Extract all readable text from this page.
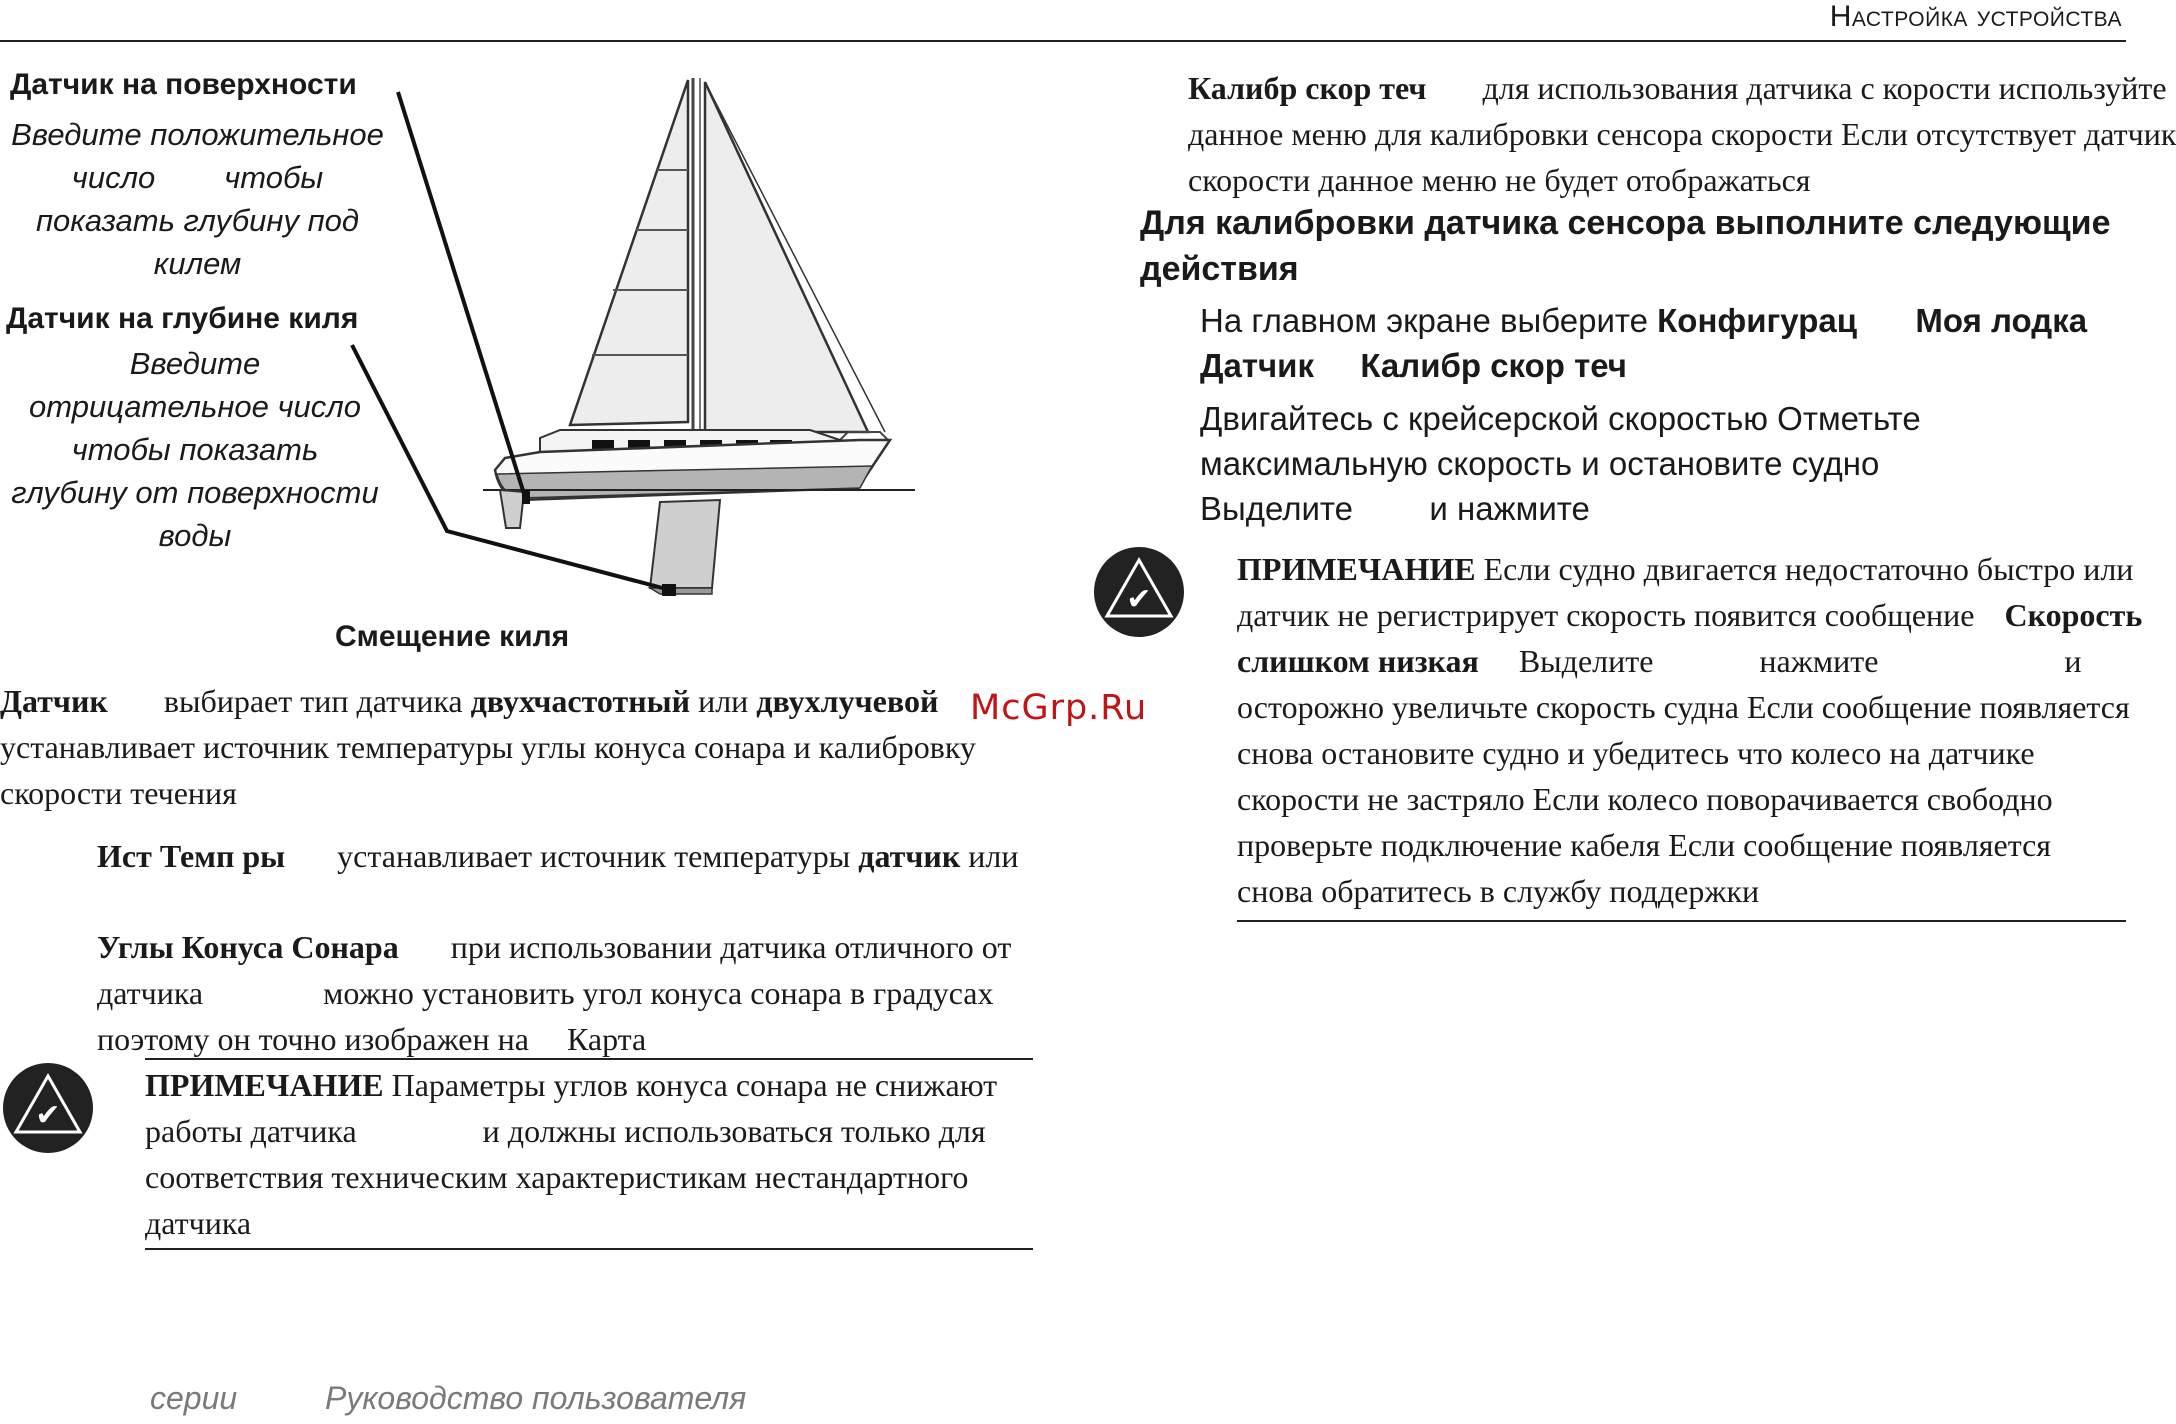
Настройка устройства
Датчик на поверхности
Введите положительное
число        чтобы
показать глубину под
килем
Датчик на глубине киля
Введите
отрицательное число
чтобы показать
глубину от поверхности
воды
Смещение киля
Датчик выбирает тип датчика двухчастотный или двухлучевой
устанавливает источник температуры углы конуса сонара и калибровку
скорости течения
Ист Темп ры устанавливает источник температуры датчик или
Углы Конуса Сонара при использовании датчика отличного от
датчика	можно установить угол конуса сонара в градусах
поэтому он точно изображен на Карта
✔
ПРИМЕЧАНИЕ Параметры углов конуса сонара не снижают
работы датчика	и должны использоваться только для
соответствия техническим характеристикам нестандартного
датчика
Калибр скор теч для использования датчика с корости используйте
данное меню для калибровки сенсора скорости Если отсутствует датчик
скорости данное меню не будет отображаться
Для калибровки датчика сенсора выполните следующие
действия
На главном экране выберите Конфигурац Моя лодка
Датчик Калибр скор теч
Двигайтесь с крейсерской скоростью Отметьте
максимальную скорость и остановите судно
Выделите и нажмите
✔
ПРИМЕЧАНИЕ Если судно двигается недостаточно быстро или
датчик не регистрирует скорость появится сообщение Скорость
слишком низкая Выделите	нажмите	и
осторожно увеличьте скорость судна Если сообщение появляется
снова остановите судно и убедитесь что колесо на датчике
скорости не застряло Если колесо поворачивается свободно
проверьте подключение кабеля Если сообщение появляется
снова обратитесь в службу поддержки
McGrp.Ru
серии	Руководство пользователя
